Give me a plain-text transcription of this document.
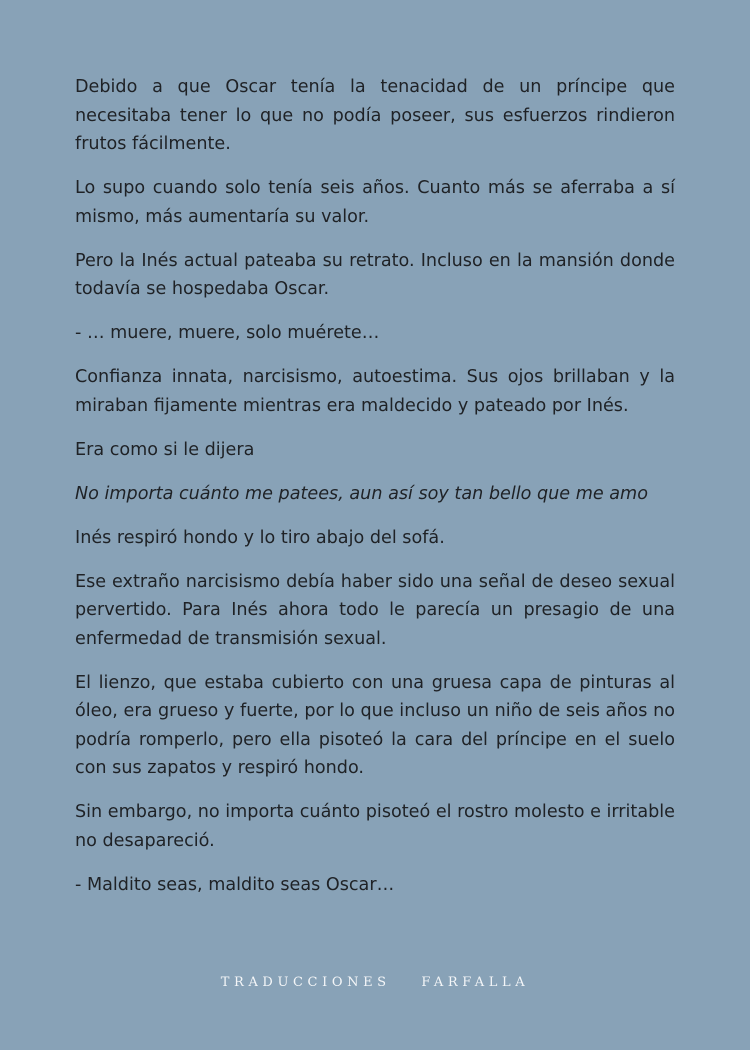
Debido a que Oscar tenía la tenacidad de un príncipe que necesitaba tener lo que no podía poseer, sus esfuerzos rindieron frutos fácilmente.

Lo supo cuando solo tenía seis años. Cuanto más se aferraba a sí mismo, más aumentaría su valor.

Pero la Inés actual pateaba su retrato. Incluso en la mansión donde todavía se hospedaba Oscar.

- … muere, muere, solo muérete…

Confianza innata, narcisismo, autoestima. Sus ojos brillaban y la miraban fijamente mientras era maldecido y pateado por Inés.

Era como si le dijera

No importa cuánto me patees, aun así soy tan bello que me amo

Inés respiró hondo y lo tiro abajo del sofá.

Ese extraño narcisismo debía haber sido una señal de deseo sexual pervertido. Para Inés ahora todo le parecía un presagio de una enfermedad de transmisión sexual.

El lienzo, que estaba cubierto con una gruesa capa de pinturas al óleo, era grueso y fuerte, por lo que incluso un niño de seis años no podría romperlo, pero ella pisoteó la cara del príncipe en el suelo con sus zapatos y respiró hondo.

Sin embargo, no importa cuánto pisoteó el rostro molesto e irritable no desapareció.

- Maldito seas, maldito seas Oscar…

TRADUCCIONES FARFALLA
